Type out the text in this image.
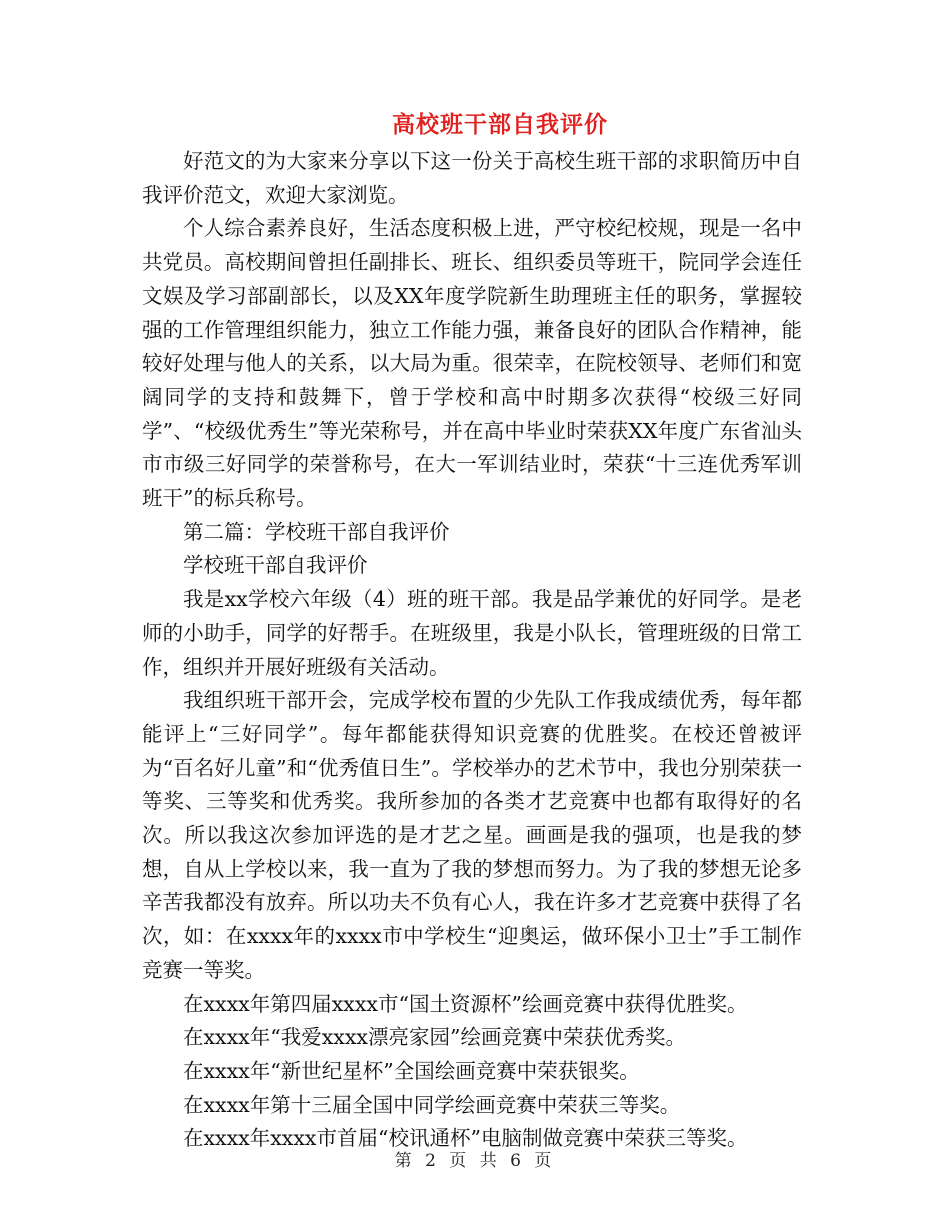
高校班干部自我评价

好范文的为大家来分享以下这一份关于高校生班干部的求职简历中自我评价范文，欢迎大家浏览。

个人综合素养良好，生活态度积极上进，严守校纪校规，现是一名中共党员。高校期间曾担任副排长、班长、组织委员等班干，院同学会连任文娱及学习部副部长，以及XX年度学院新生助理班主任的职务，掌握较强的工作管理组织能力，独立工作能力强，兼备良好的团队合作精神，能较好处理与他人的关系，以大局为重。很荣幸，在院校领导、老师们和宽阔同学的支持和鼓舞下，曾于学校和高中时期多次获得“校级三好同学”、“校级优秀生”等光荣称号，并在高中毕业时荣获XX年度广东省汕头市市级三好同学的荣誉称号，在大一军训结业时，荣获“十三连优秀军训班干”的标兵称号。

第二篇：学校班干部自我评价

学校班干部自我评价

我是xx学校六年级（4）班的班干部。我是品学兼优的好同学。是老师的小助手，同学的好帮手。在班级里，我是小队长，管理班级的日常工作，组织并开展好班级有关活动。

我组织班干部开会，完成学校布置的少先队工作我成绩优秀，每年都能评上“三好同学”。每年都能获得知识竞赛的优胜奖。在校还曾被评为“百名好儿童”和“优秀值日生”。学校举办的艺术节中，我也分别荣获一等奖、三等奖和优秀奖。我所参加的各类才艺竞赛中也都有取得好的名次。所以我这次参加评选的是才艺之星。画画是我的强项，也是我的梦想，自从上学校以来，我一直为了我的梦想而努力。为了我的梦想无论多辛苦我都没有放弃。所以功夫不负有心人，我在许多才艺竞赛中获得了名次，如：在xxxx年的xxxx市中学校生“迎奥运，做环保小卫士”手工制作竞赛一等奖。

在xxxx年第四届xxxx市“国土资源杯”绘画竞赛中获得优胜奖。

在xxxx年“我爱xxxx漂亮家园”绘画竞赛中荣获优秀奖。

在xxxx年“新世纪星杯”全国绘画竞赛中荣获银奖。

在xxxx年第十三届全国中同学绘画竞赛中荣获三等奖。

在xxxx年xxxx市首届“校讯通杯”电脑制做竞赛中荣获三等奖。

第 2 页 共 6 页
